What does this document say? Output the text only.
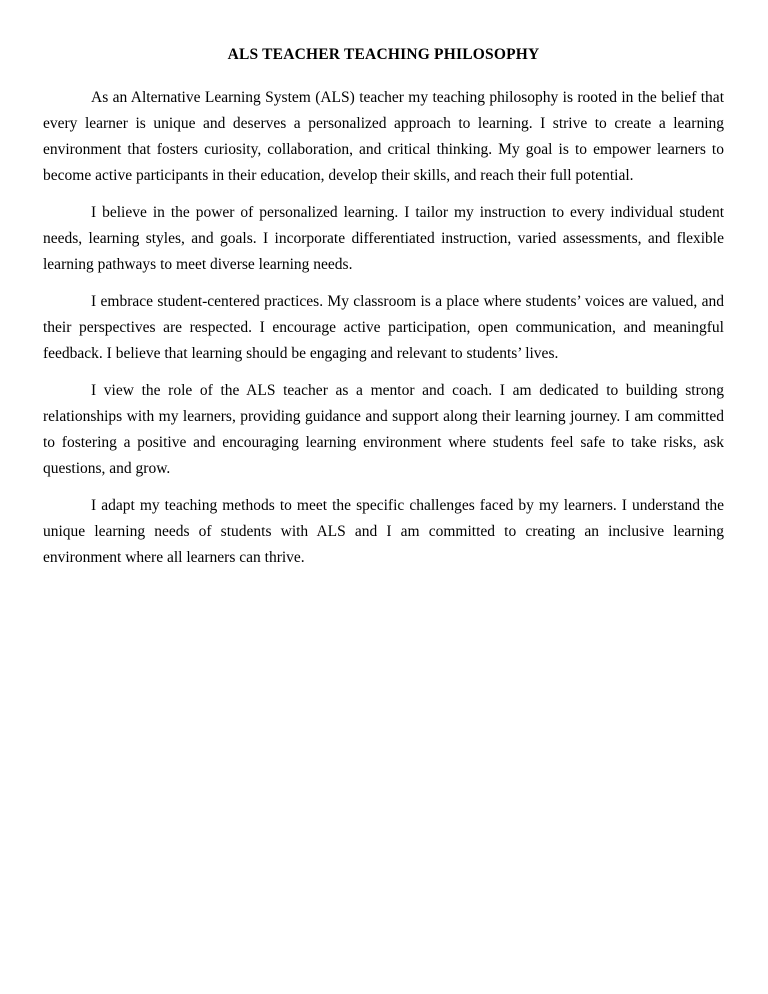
ALS TEACHER TEACHING PHILOSOPHY

As an Alternative Learning System (ALS) teacher my teaching philosophy is rooted in the belief that every learner is unique and deserves a personalized approach to learning. I strive to create a learning environment that fosters curiosity, collaboration, and critical thinking. My goal is to empower learners to become active participants in their education, develop their skills, and reach their full potential.

I believe in the power of personalized learning. I tailor my instruction to every individual student needs, learning styles, and goals. I incorporate differentiated instruction, varied assessments, and flexible learning pathways to meet diverse learning needs.

I embrace student-centered practices. My classroom is a place where students’ voices are valued, and their perspectives are respected. I encourage active participation, open communication, and meaningful feedback. I believe that learning should be engaging and relevant to students’ lives.

I view the role of the ALS teacher as a mentor and coach. I am dedicated to building strong relationships with my learners, providing guidance and support along their learning journey. I am committed to fostering a positive and encouraging learning environment where students feel safe to take risks, ask questions, and grow.

I adapt my teaching methods to meet the specific challenges faced by my learners. I understand the unique learning needs of students with ALS and I am committed to creating an inclusive learning environment where all learners can thrive.
